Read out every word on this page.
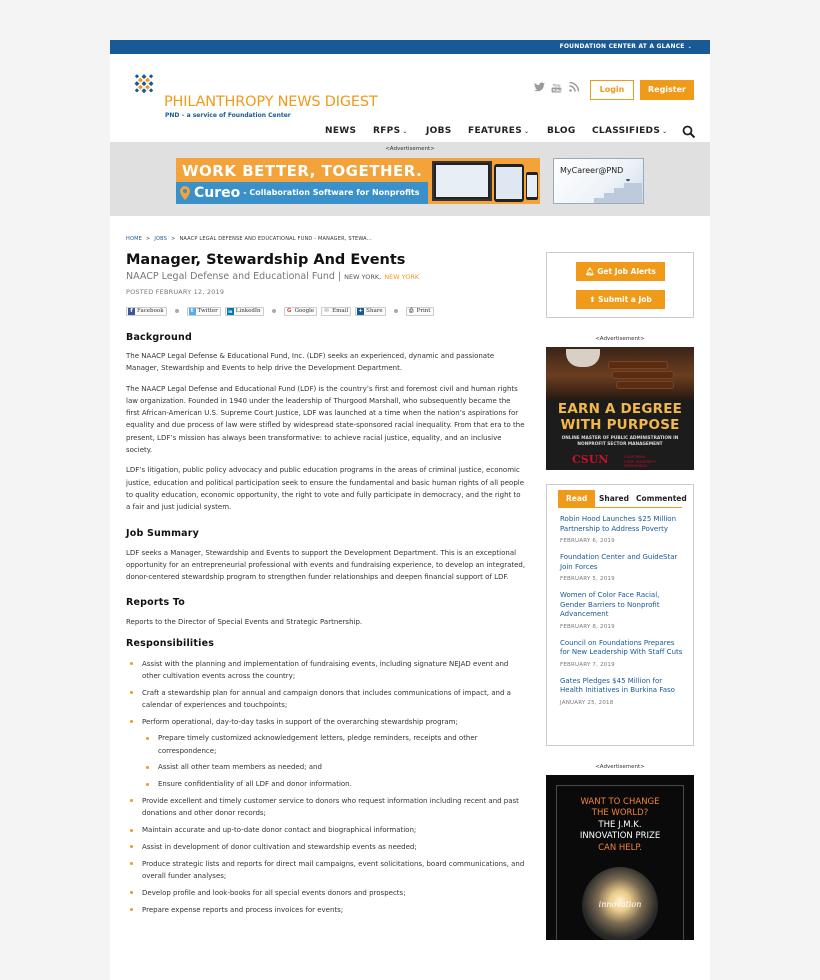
FOUNDATION CENTER AT A GLANCE ⌄
PHILANTHROPY NEWS DIGEST
PND – a service of Foundation Center
You
Tube	Login	Register
NEWS RFPS ⌄ JOBS FEATURES ⌄ BLOG CLASSIFIEDS ⌄
<Advertisement>
WORK BETTER, TOGETHER.
Cureo - Collaboration Software for Nonprofits
MyCareer@PND
HOME > JOBS > NAACP LEGAL DEFENSE AND EDUCATIONAL FUND - MANAGER, STEWA...
Manager, Stewardship And Events
NAACP Legal Defense and Educational Fund | NEW YORK, NEW YORK
POSTED FEBRUARY 12, 2019
f Facebook	t Twitter	in LinkedIn	G Google ✉ Email + Share	⎙ Print
Background

The NAACP Legal Defense & Educational Fund, Inc. (LDF) seeks an experienced, dynamic and passionate Manager, Stewardship and Events to help drive the Development Department.

The NAACP Legal Defense and Educational Fund (LDF) is the country’s first and foremost civil and human rights law organization. Founded in 1940 under the leadership of Thurgood Marshall, who subsequently became the first African-American U.S. Supreme Court Justice, LDF was launched at a time when the nation’s aspirations for equality and due process of law were stifled by widespread state-sponsored racial inequality. From that era to the present, LDF’s mission has always been transformative: to achieve racial justice, equality, and an inclusive society.

LDF’s litigation, public policy advocacy and public education programs in the areas of criminal justice, economic justice, education and political participation seek to ensure the fundamental and basic human rights of all people to quality education, economic opportunity, the right to vote and fully participate in democracy, and the right to a fair and just judicial system.

Job Summary

LDF seeks a Manager, Stewardship and Events to support the Development Department. This is an exceptional opportunity for an entrepreneurial professional with events and fundraising experience, to develop an integrated, donor-centered stewardship program to strengthen funder relationships and deepen financial support of LDF.

Reports To

Reports to the Director of Special Events and Strategic Partnership.

Responsibilities
Assist with the planning and implementation of fundraising events, including signature NEJAD event and other cultivation events across the country;
Craft a stewardship plan for annual and campaign donors that includes communications of impact, and a calendar of experiences and touchpoints;
Perform operational, day-to-day tasks in support of the overarching stewardship program;
Prepare timely customized acknowledgement letters, pledge reminders, receipts and other correspondence;
Assist all other team members as needed; and
Ensure confidentiality of all LDF and donor information.
Provide excellent and timely customer service to donors who request information including recent and past donations and other donor records;
Maintain accurate and up-to-date donor contact and biographical information;
Assist in development of donor cultivation and stewardship events as needed;
Produce strategic lists and reports for direct mail campaigns, event solicitations, board communications, and overall funder analyses;
Develop profile and look-books for all special events donors and prospects;
Prepare expense reports and process invoices for events;
🔔︎ Get Job Alerts
⬆︎ Submit a Job
<Advertisement>
EARN A DEGREE
WITH PURPOSE
ONLINE MASTER OF PUBLIC ADMINISTRATION IN
NONPROFIT SECTOR MANAGEMENT
CSUN	CALIFORNIA
STATE UNIVERSITY
NORTHRIDGE
Read	Shared Commented
Robin Hood Launches $25 Million Partnership to Address Poverty
FEBRUARY 6, 2019
Foundation Center and GuideStar Join Forces
FEBRUARY 5, 2019
Women of Color Face Racial, Gender Barriers to Nonprofit Advancement
FEBRUARY 8, 2019
Council on Foundations Prepares for New Leadership With Staff Cuts
FEBRUARY 7, 2019
Gates Pledges $45 Million for Health Initiatives in Burkina Faso
JANUARY 25, 2018
<Advertisement>
WANT TO CHANGE
THE WORLD?
THE J.M.K.
INNOVATION PRIZE
CAN HELP.
innovation
